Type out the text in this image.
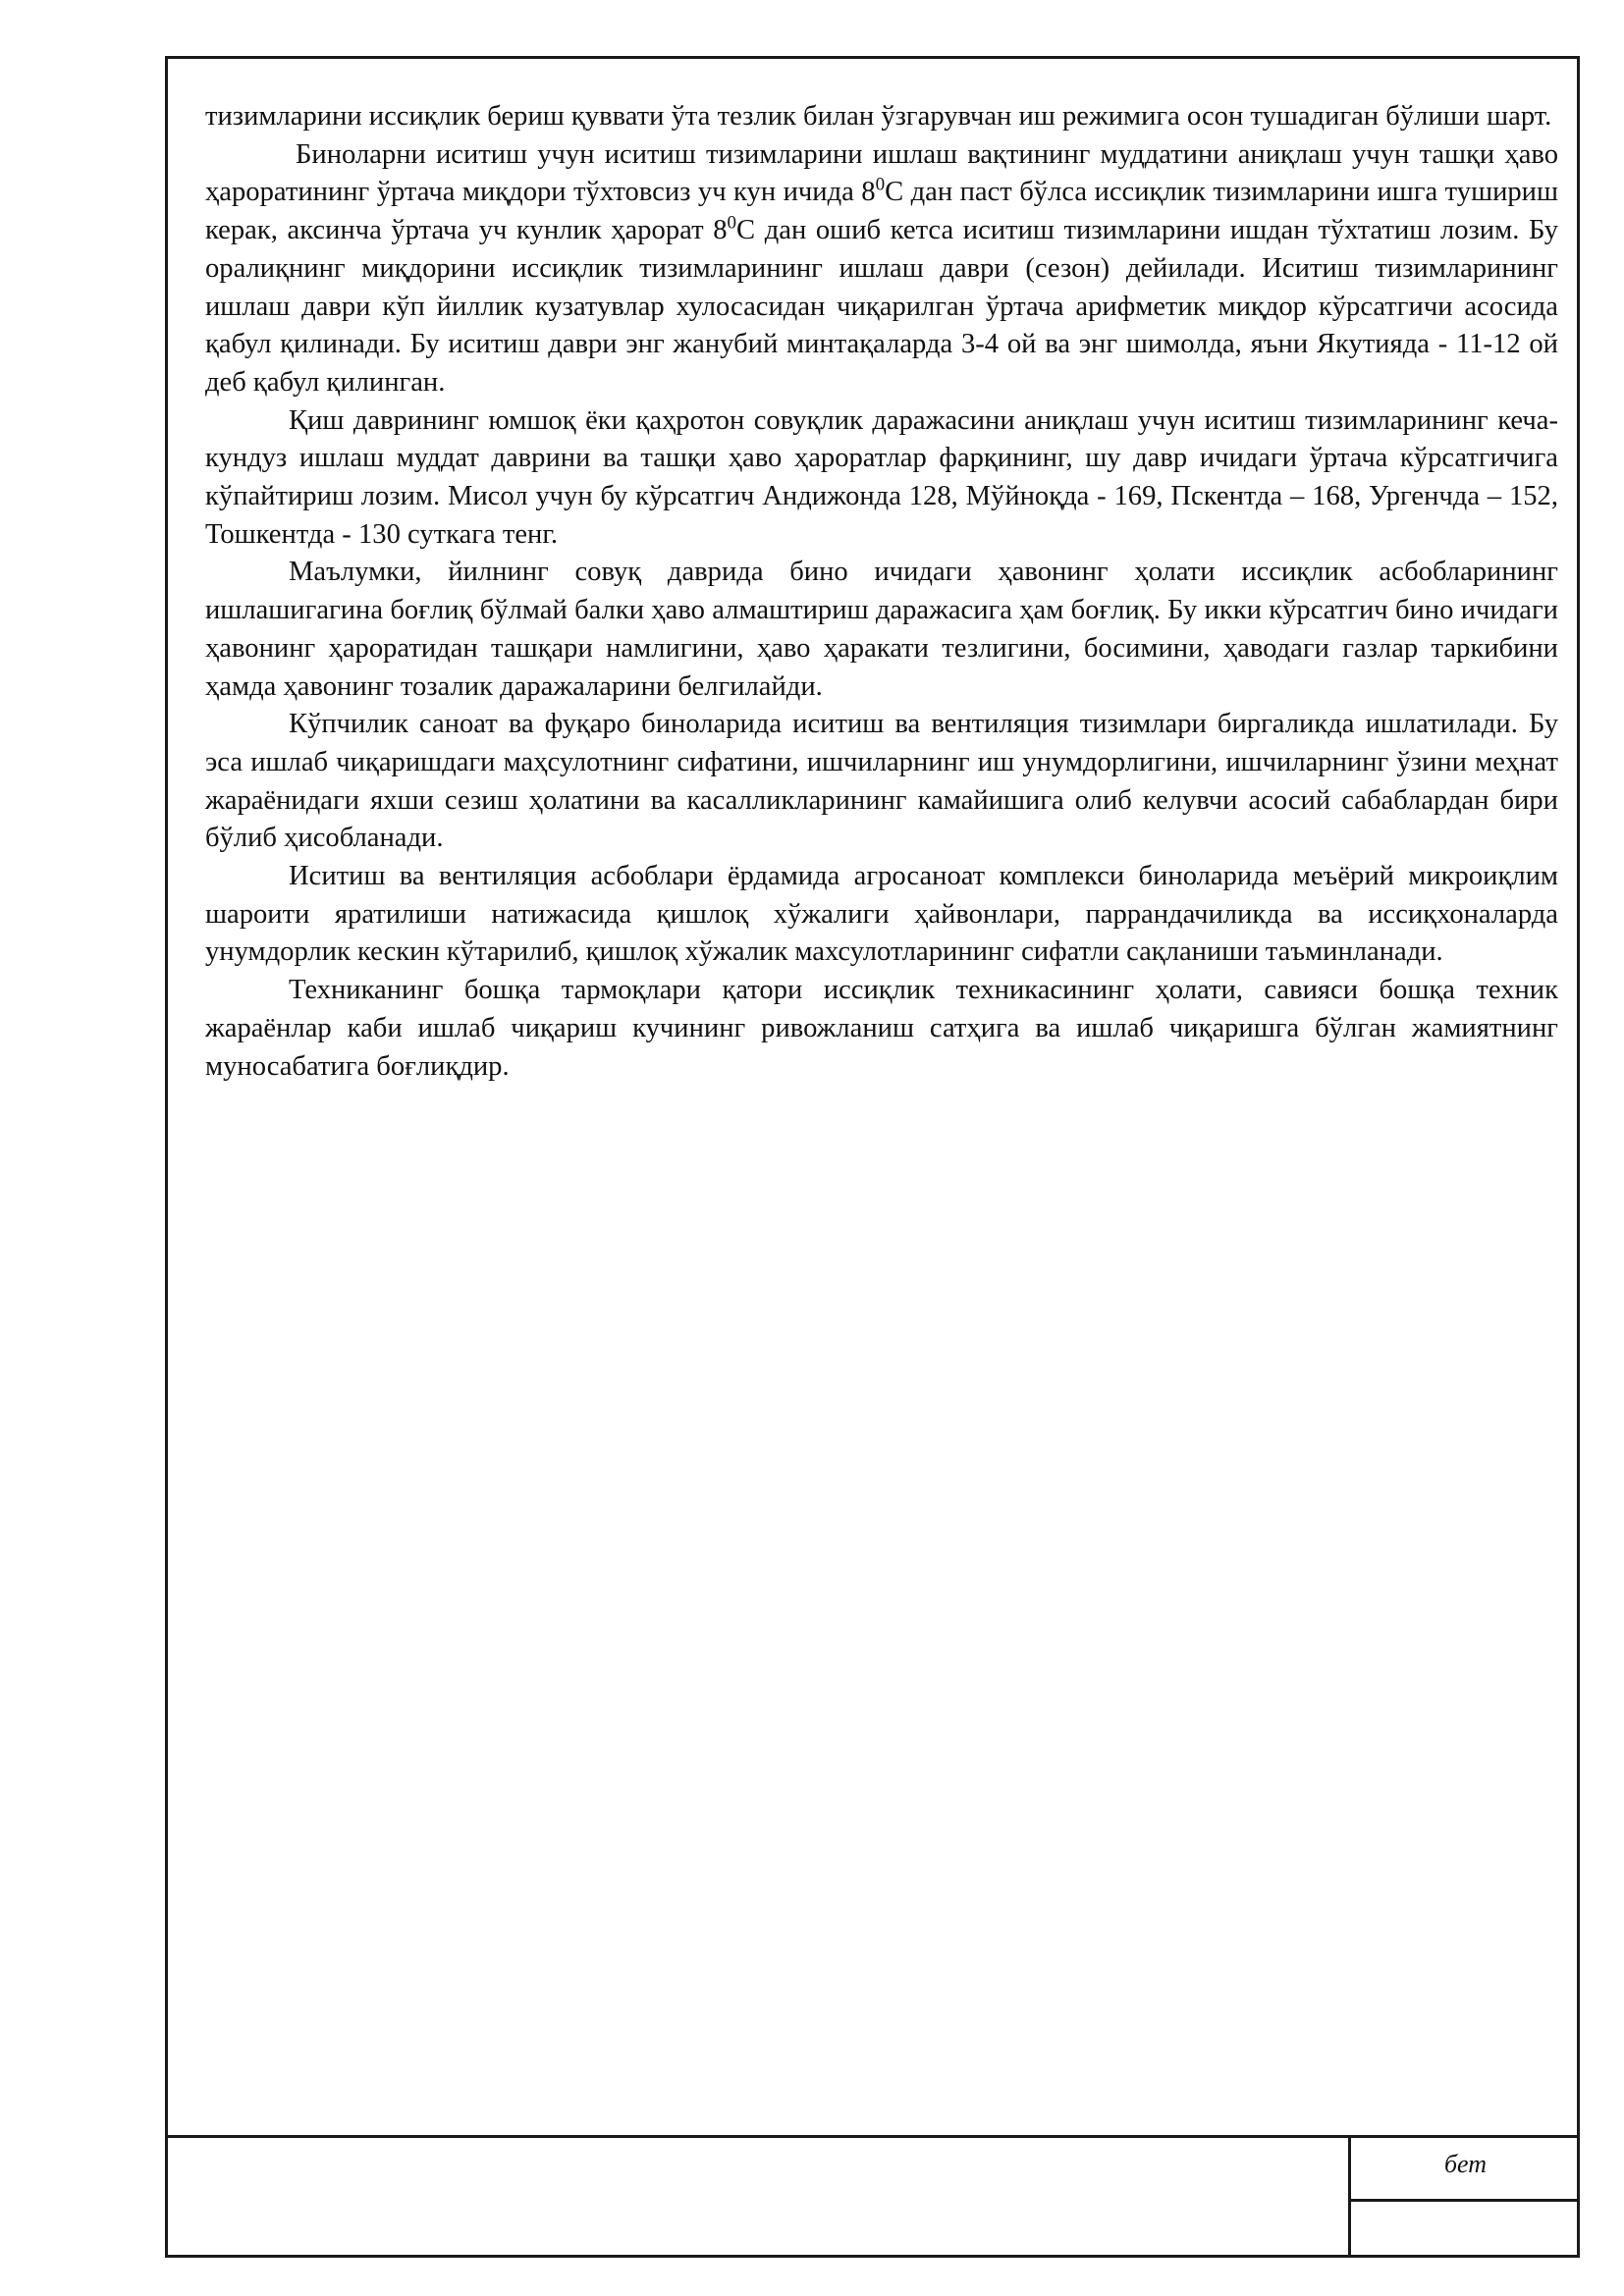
тизимларини иссиқлик бериш қуввати ўта тезлик билан ўзгарувчан иш режимига осон тушадиган бўлиши шарт.

Биноларни иситиш учун иситиш тизимларини ишлаш вақтининг муддатини аниқлаш учун ташқи ҳаво ҳароратининг ўртача миқдори тўхтовсиз уч кун ичида $8^0С$ дан паст бўлса иссиқлик тизимларини ишга тушириш керак, аксинча ўртача уч кунлик ҳарорат $8^0С$ дан ошиб кетса иситиш тизимларини ишдан тўхтатиш лозим. Бу оралиқнинг миқдорини иссиқлик тизимларининг ишлаш даври (сезон) дейилади. Иситиш тизимларининг ишлаш даври кўп йиллик кузатувлар хулосасидан чиқарилган ўртача арифметик миқдор кўрсатгичи асосида қабул қилинади. Бу иситиш даври энг жанубий минтақаларда 3-4 ой ва энг шимолда, яъни Якутияда - 11-12 ой деб қабул қилинган.

Қиш даврининг юмшоқ ёки қаҳротон совуқлик даражасини аниқлаш учун иситиш тизимларининг кеча-кундуз ишлаш муддат даврини ва ташқи ҳаво ҳароратлар фарқининг, шу давр ичидаги ўртача кўрсатгичига кўпайтириш лозим. Мисол учун бу кўрсатгич Андижонда 128, Мўйноқда - 169, Пскентда – 168, Ургенчда – 152, Тошкентда - 130 суткага тенг.

Маълумки, йилнинг совуқ даврида бино ичидаги ҳавонинг ҳолати иссиқлик асбобларининг ишлашигагина боғлиқ бўлмай балки ҳаво алмаштириш даражасига ҳам боғлиқ. Бу икки кўрсатгич бино ичидаги ҳавонинг ҳароратидан ташқари намлигини, ҳаво ҳаракати тезлигини, босимини, ҳаводаги газлар таркибини ҳамда ҳавонинг тозалик даражаларини белгилайди.

Кўпчилик саноат ва фуқаро биноларида иситиш ва вентиляция тизимлари биргаликда ишлатилади. Бу эса ишлаб чиқаришдаги маҳсулотнинг сифатини, ишчиларнинг иш унумдорлигини, ишчиларнинг ўзини меҳнат жараёнидаги яхши сезиш ҳолатини ва касалликларининг камайишига олиб келувчи асосий сабаблардан бири бўлиб ҳисобланади.

Иситиш ва вентиляция асбоблари ёрдамида агросаноат комплекси биноларида меъёрий микроиқлим шароити яратилиши натижасида қишлоқ хўжалиги ҳайвонлари, паррандачиликда ва иссиқхоналарда унумдорлик кескин кўтарилиб, қишлоқ хўжалик махсулотларининг сифатли сақланиши таъминланади.

Техниканинг бошқа тармоқлари қатори иссиқлик техникасининг ҳолати, савияси бошқа техник жараёнлар каби ишлаб чиқариш кучининг ривожланиш сатҳига ва ишлаб чиқаришга бўлган жамиятнинг муносабатига боғлиқдир.

бет
